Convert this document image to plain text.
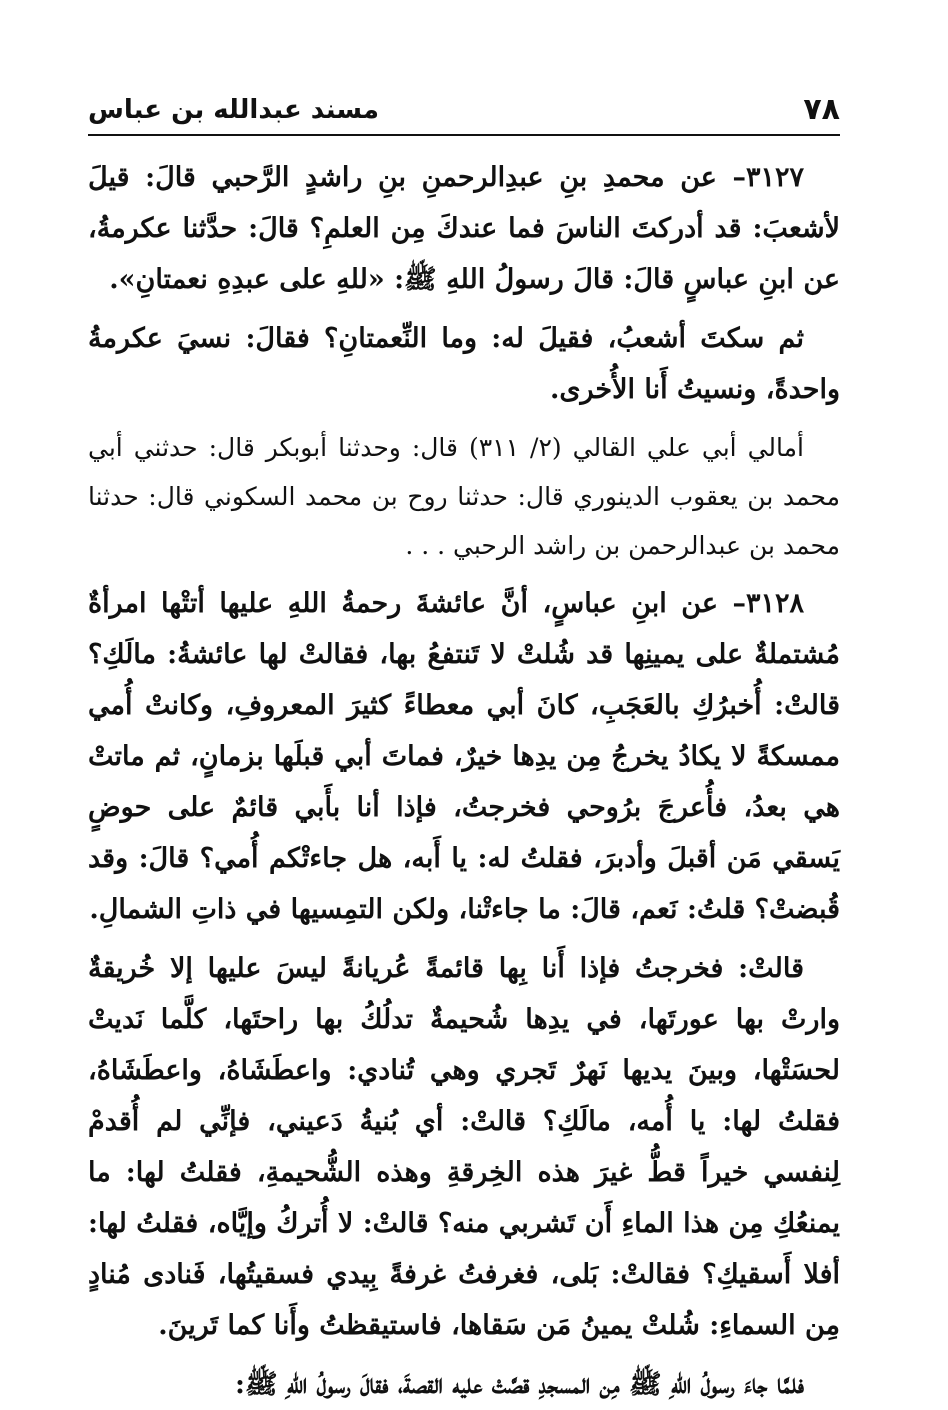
٧٨
مسند عبدالله بن عباس

٣١٢٧– عن محمدِ بنِ عبدِالرحمنِ بنِ راشدٍ الرَّحبي قالَ: قيلَ لأشعبَ: قد أدركتَ الناسَ فما عندكَ مِن العلمِ؟ قالَ: حدَّثنا عكرمةُ، عن ابنِ عباسٍ قالَ: قالَ رسولُ اللهِ ﷺ: «للهِ على عبدِهِ نعمتانِ».

ثم سكتَ أشعبُ، فقيلَ له: وما النِّعمتانِ؟ فقالَ: نسيَ عكرمةُ واحدةً، ونسيتُ أَنا الأُخرى.

أمالي أبي علي القالي (٢/ ٣١١) قال: وحدثنا أبوبكر قال: حدثني أبي محمد بن يعقوب الدينوري قال: حدثنا روح بن محمد السكوني قال: حدثنا محمد بن عبدالرحمن بن راشد الرحبي . . .

٣١٢٨– عن ابنِ عباسٍ، أنَّ عائشةَ رحمةُ اللهِ عليها أتتْها امرأةٌ مُشتملةٌ على يمينِها قد شُلتْ لا تَنتفعُ بها، فقالتْ لها عائشةُ: مالَكِ؟ قالتْ: أُخبرُكِ بالعَجَبِ، كانَ أبي معطاءً كثيرَ المعروفِ، وكانتْ أُمي ممسكةً لا يكادُ يخرجُ مِن يدِها خيرٌ، فماتَ أبي قبلَها بزمانٍ، ثم ماتتْ هي بعدُ، فأُعرجَ برُوحي فخرجتُ، فإذا أنا بأَبي قائمٌ على حوضٍ يَسقي مَن أقبلَ وأدبرَ، فقلتُ له: يا أَبه، هل جاءتْكم أُمي؟ قالَ: وقد قُبضتْ؟ قلتُ: نَعم، قالَ: ما جاءتْنا، ولكن التمِسيها في ذاتِ الشمالِ.

قالتْ: فخرجتُ فإذا أَنا بِها قائمةً عُريانةً ليسَ عليها إلا خُريقةٌ وارتْ بها عورتَها، في يدِها شُحيمةٌ تدلُكُ بها راحتَها، كلَّما نَديتْ لحسَتْها، وبينَ يديها نَهرٌ تَجري وهي تُنادي: واعطَشَاهُ، واعطَشَاهُ، فقلتُ لها: يا أُمه، مالَكِ؟ قالتْ: أي بُنيةُ دَعيني، فإنِّي لم أُقدمْ لِنفسي خيراً قطُّ غيرَ هذه الخِرقةِ وهذه الشُّحيمةِ، فقلتُ لها: ما يمنعُكِ مِن هذا الماءِ أَن تَشربي منه؟ قالتْ: لا أُتركُ وإيَّاه، فقلتُ لها: أفلا أَسقيكِ؟ فقالتْ: بَلى، فغرفتُ غرفةً بِيدي فسقيتُها، فَنادى مُنادٍ مِن السماءِ: شُلتْ يمينُ مَن سَقاها، فاستيقظتُ وأَنا كما تَرينَ.

فلمَّا جاءَ رسولُ اللهِ ﷺ مِن المسجدِ قصَّتْ عليه القصةَ، فقالَ رسولُ اللهِ ﷺ:
